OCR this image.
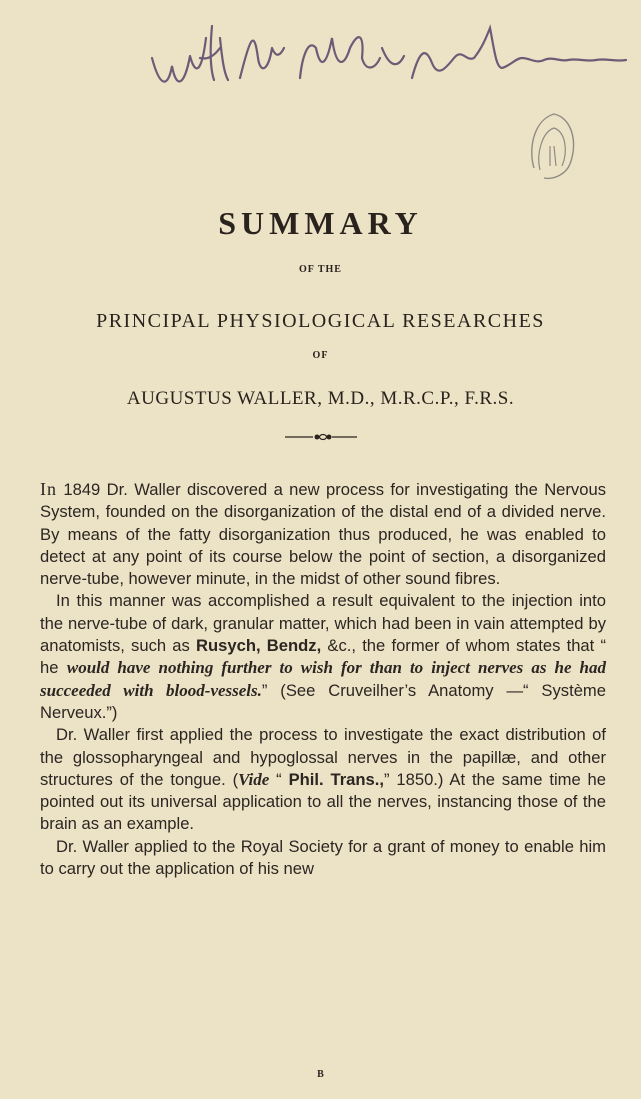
SUMMARY
OF THE
PRINCIPAL PHYSIOLOGICAL RESEARCHES
OF
AUGUSTUS WALLER, M.D., M.R.C.P., F.R.S.

In 1849 Dr. Waller discovered a new process for investigating the Nervous System, founded on the disorganization of the distal end of a divided nerve. By means of the fatty disorganization thus produced, he was enabled to detect at any point of its course below the point of section, a disorganized nerve-tube, however minute, in the midst of other sound fibres.

In this manner was accomplished a result equivalent to the injection into the nerve-tube of dark, granular matter, which had been in vain attempted by anatomists, such as Rusych, Bendz, &c., the former of whom states that “ he would have nothing further to wish for than to inject nerves as he had succeeded with blood-vessels.” (See Cruveilher’s Anatomy —“ Système Nerveux.”)

Dr. Waller first applied the process to investigate the exact distribution of the glossopharyngeal and hypoglossal nerves in the papillæ, and other structures of the tongue. (Vide “ Phil. Trans.,” 1850.) At the same time he pointed out its universal application to all the nerves, instancing those of the brain as an example.

Dr. Waller applied to the Royal Society for a grant of money to enable him to carry out the application of his new

B
